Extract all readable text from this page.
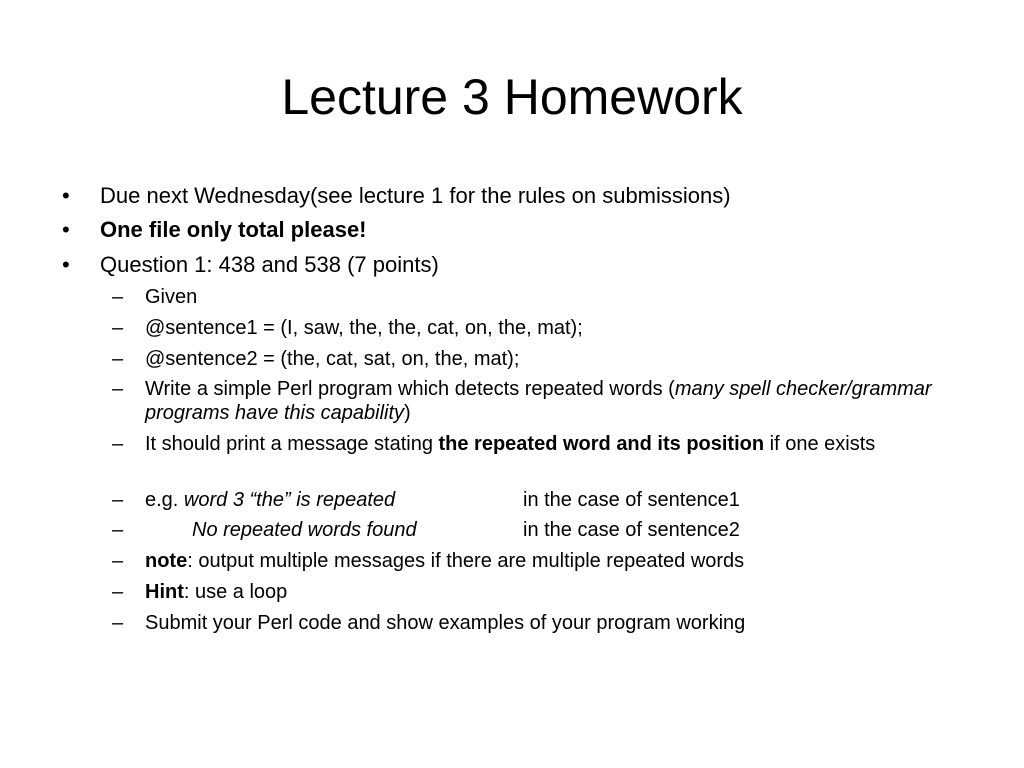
Lecture 3 Homework
• Due next Wednesday(see lecture 1 for the rules on submissions)
• One file only total please!
• Question 1: 438 and 538 (7 points)
– Given
– @sentence1 = (I, saw, the, the, cat, on, the, mat);
– @sentence2 = (the, cat, sat, on, the, mat);
– Write a simple Perl program which detects repeated words (many spell checker/grammar programs have this capability)
– It should print a message stating the repeated word and its position if one exists
– e.g. word 3 “the” is repeated	in the case of sentence1
–	No repeated words found	in the case of sentence2
– note: output multiple messages if there are multiple repeated words
– Hint: use a loop
– Submit your Perl code and show examples of your program working
